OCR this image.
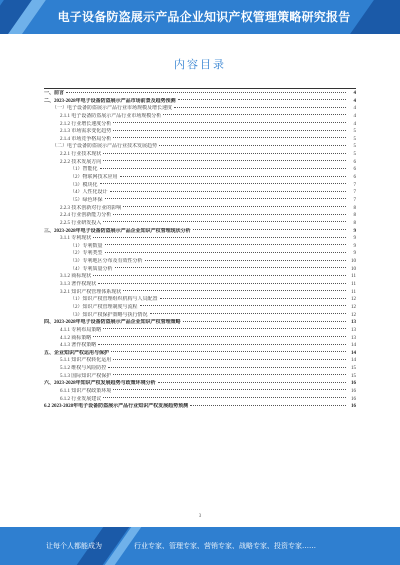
电子设备防盗展示产品企业知识产权管理策略研究报告
内容目录
一、前言	4
二、2023-2028年电子设备防盗展示产品市场前景及趋势预测	4
（一）电子设备防盗展示产品行业市场规模及增长速度	4
2.1.1 电子设备防盗展示产品行业市场规模分析	4
2.1.2 行业增长速度分析	4
2.1.3 市场需求变化趋势	5
2.1.4 市场竞争格局分析	5
（二）电子设备防盗展示产品行业技术发展趋势	5
2.2.1 行业技术现状	5
2.2.2 技术发展方向	6
（1）智能化	6
（2）物联网技术应用	6
（3）模块化	7
（4）人性化设计	7
（5）绿色环保	7
2.2.3 技术创新对行业的影响	8
2.2.4 行业创新能力分析	8
2.2.5 行业研发投入	8
三、2023-2028年电子设备防盗展示产品企业知识产权管理现状分析	9
3.1.1 专利现状	9
（1）专利数量	9
（2）专利类型	9
（3）专利地区分布及有效性分析	10
（4）专利质量分析	10
3.1.2 商标现状	11
3.1.3 著作权现状	11
3.2.1 知识产权管理体系现状	11
（1）知识产权管理组织机构与人员配置	12
（2）知识产权管理制度与流程	12
（3）知识产权保护策略与执行情况	12
四、2023-2028年电子设备防盗展示产品企业知识产权管理策略	13
4.1.1 专利布局策略	13
4.1.2 商标策略	13
4.1.3 著作权策略	14
五、企业知识产权运用与保护	14
5.1.1 知识产权转化运用	14
5.1.2 维权与风险防控	15
5.1.3 国际知识产权保护	15
六、2023-2028年知识产权发展趋势与政策环境分析	16
6.1.1 知识产权政策环境	16
6.1.2 行业发展建议	16
6.2 2023-2028年电子设备防盗展示产品行业知识产权发展趋势预测	16
3
让每个人都能成为	行业专家、管理专家、营销专家、战略专家、投资专家……
